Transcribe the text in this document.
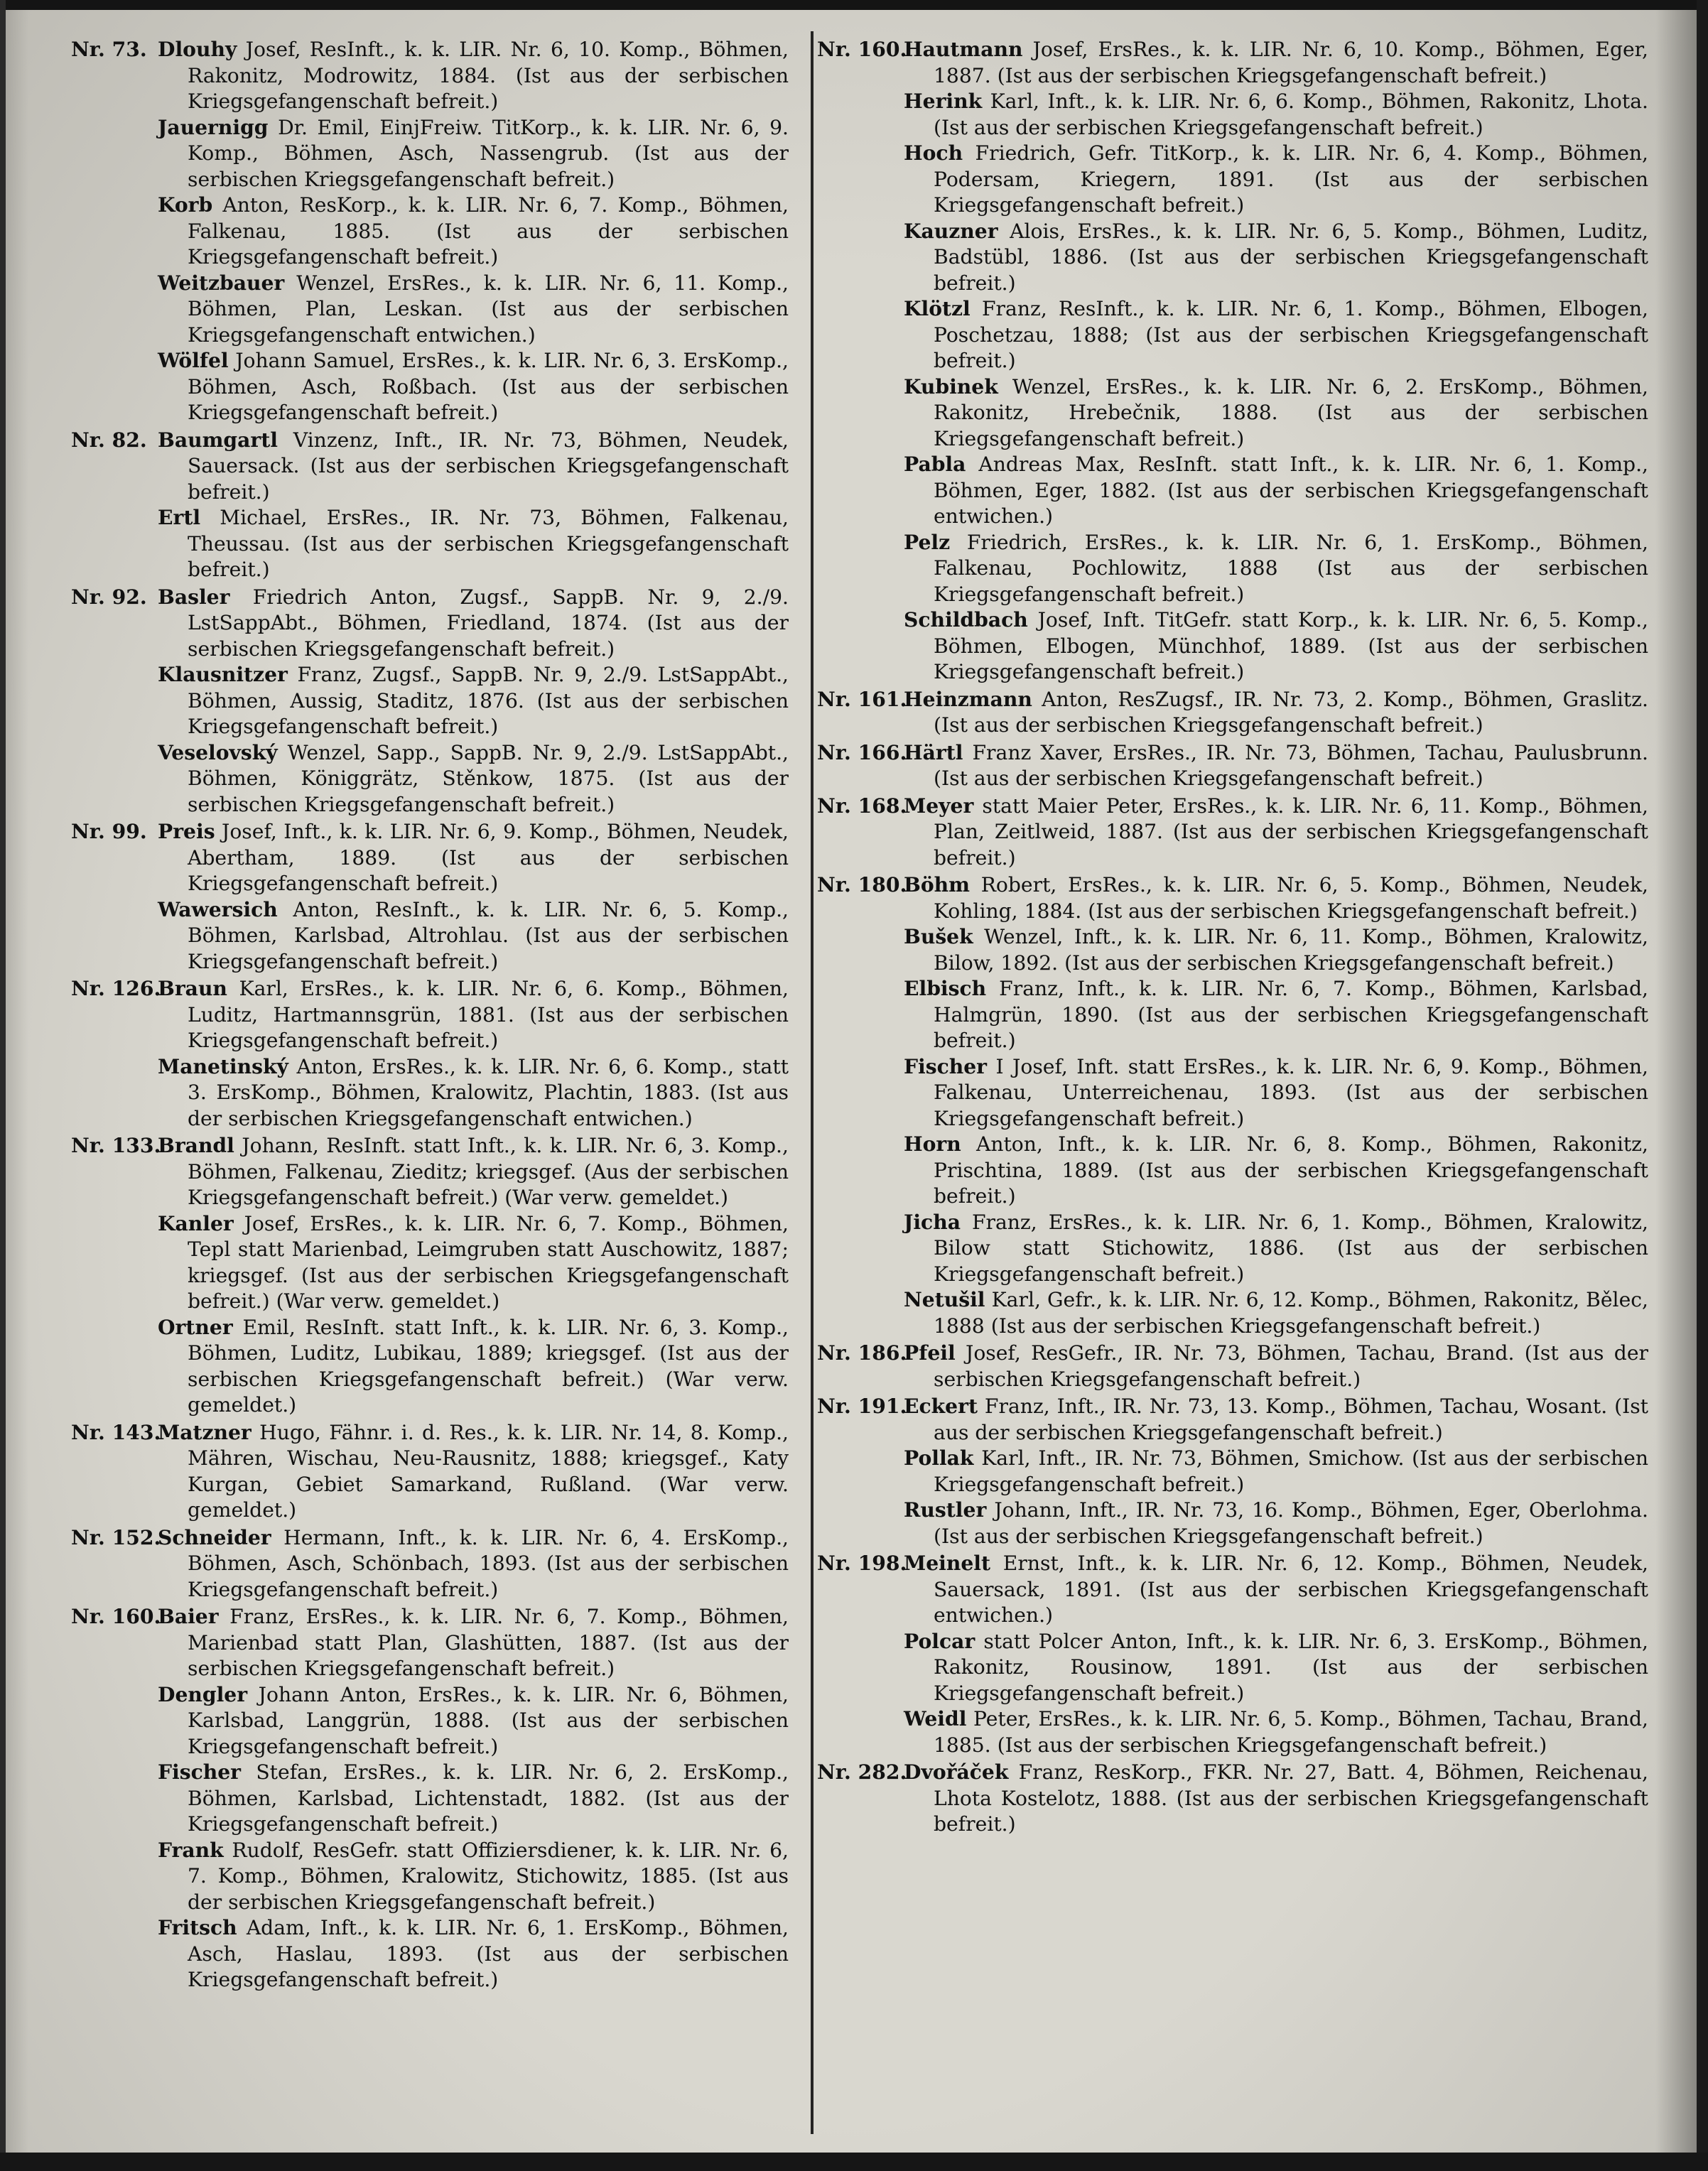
Nr. 73. Dlouhy Josef, ResInft., k. k. LIR. Nr. 6, 10. Komp., Böhmen, Rakonitz, Modrowitz, 1884. (Ist aus der serbischen Kriegsgefangenschaft befreit.)

Jauernigg Dr. Emil, EinjFreiw. TitKorp., k. k. LIR. Nr. 6, 9. Komp., Böhmen, Asch, Nassengrub. (Ist aus der serbischen Kriegsgefangenschaft befreit.)

Korb Anton, ResKorp., k. k. LIR. Nr. 6, 7. Komp., Böhmen, Falkenau, 1885. (Ist aus der serbischen Kriegsgefangenschaft befreit.)

Weitzbauer Wenzel, ErsRes., k. k. LIR. Nr. 6, 11. Komp., Böhmen, Plan, Leskan. (Ist aus der serbischen Kriegsgefangenschaft entwichen.)

Wölfel Johann Samuel, ErsRes., k. k. LIR. Nr. 6, 3. ErsKomp., Böhmen, Asch, Roßbach. (Ist aus der serbischen Kriegsgefangenschaft befreit.)

Nr. 82. Baumgartl Vinzenz, Inft., IR. Nr. 73, Böhmen, Neudek, Sauersack. (Ist aus der serbischen Kriegsgefangenschaft befreit.)

Ertl Michael, ErsRes., IR. Nr. 73, Böhmen, Falkenau, Theussau. (Ist aus der serbischen Kriegsgefangenschaft befreit.)

Nr. 92. Basler Friedrich Anton, Zugsf., SappB. Nr. 9, 2./9. LstSappAbt., Böhmen, Friedland, 1874. (Ist aus der serbischen Kriegsgefangenschaft befreit.)

Klausnitzer Franz, Zugsf., SappB. Nr. 9, 2./9. LstSappAbt., Böhmen, Aussig, Staditz, 1876. (Ist aus der serbischen Kriegsgefangenschaft befreit.)

Veselovský Wenzel, Sapp., SappB. Nr. 9, 2./9. LstSappAbt., Böhmen, Königgrätz, Stěnkow, 1875. (Ist aus der serbischen Kriegsgefangenschaft befreit.)

Nr. 99. Preis Josef, Inft., k. k. LIR. Nr. 6, 9. Komp., Böhmen, Neudek, Abertham, 1889. (Ist aus der serbischen Kriegsgefangenschaft befreit.)

Wawersich Anton, ResInft., k. k. LIR. Nr. 6, 5. Komp., Böhmen, Karlsbad, Altrohlau. (Ist aus der serbischen Kriegsgefangenschaft befreit.)

Nr. 126.

Braun Karl, ErsRes., k. k. LIR. Nr. 6, 6. Komp., Böhmen, Luditz, Hartmannsgrün, 1881. (Ist aus der serbischen Kriegsgefangenschaft befreit.)

Manetinský Anton, ErsRes., k. k. LIR. Nr. 6, 6. Komp., statt 3. ErsKomp., Böhmen, Kralowitz, Plachtin, 1883. (Ist aus der serbischen Kriegsgefangenschaft entwichen.)

Nr. 133.

Brandl Johann, ResInft. statt Inft., k. k. LIR. Nr. 6, 3. Komp., Böhmen, Falkenau, Zieditz; kriegsgef. (Aus der serbischen Kriegsgefangenschaft befreit.) (War verw. gemeldet.)

Kanler Josef, ErsRes., k. k. LIR. Nr. 6, 7. Komp., Böhmen, Tepl statt Marienbad, Leimgruben statt Auschowitz, 1887; kriegsgef. (Ist aus der serbischen Kriegsgefangenschaft befreit.) (War verw. gemeldet.)

Ortner Emil, ResInft. statt Inft., k. k. LIR. Nr. 6, 3. Komp., Böhmen, Luditz, Lubikau, 1889; kriegsgef. (Ist aus der serbischen Kriegsgefangenschaft befreit.) (War verw. gemeldet.)

Nr. 143.

Matzner Hugo, Fähnr. i. d. Res., k. k. LIR. Nr. 14, 8. Komp., Mähren, Wischau, Neu-Rausnitz, 1888; kriegsgef., Katy Kurgan, Gebiet Samarkand, Rußland. (War verw. gemeldet.)

Nr. 152.

Schneider Hermann, Inft., k. k. LIR. Nr. 6, 4. ErsKomp., Böhmen, Asch, Schönbach, 1893. (Ist aus der serbischen Kriegsgefangenschaft befreit.)

Nr. 160.

Baier Franz, ErsRes., k. k. LIR. Nr. 6, 7. Komp., Böhmen, Marienbad statt Plan, Glashütten, 1887. (Ist aus der serbischen Kriegsgefangenschaft befreit.)

Dengler Johann Anton, ErsRes., k. k. LIR. Nr. 6, Böhmen, Karlsbad, Langgrün, 1888. (Ist aus der serbischen Kriegsgefangenschaft befreit.)

Fischer Stefan, ErsRes., k. k. LIR. Nr. 6, 2. ErsKomp., Böhmen, Karlsbad, Lichtenstadt, 1882. (Ist aus der Kriegsgefangenschaft befreit.)

Frank Rudolf, ResGefr. statt Offiziersdiener, k. k. LIR. Nr. 6, 7. Komp., Böhmen, Kralowitz, Stichowitz, 1885. (Ist aus der serbischen Kriegsgefangenschaft befreit.)

Fritsch Adam, Inft., k. k. LIR. Nr. 6, 1. ErsKomp., Böhmen, Asch, Haslau, 1893. (Ist aus der serbischen Kriegsgefangenschaft befreit.)

Nr. 160.

Hautmann Josef, ErsRes., k. k. LIR. Nr. 6, 10. Komp., Böhmen, Eger, 1887. (Ist aus der serbischen Kriegsgefangenschaft befreit.)

Herink Karl, Inft., k. k. LIR. Nr. 6, 6. Komp., Böhmen, Rakonitz, Lhota. (Ist aus der serbischen Kriegsgefangenschaft befreit.)

Hoch Friedrich, Gefr. TitKorp., k. k. LIR. Nr. 6, 4. Komp., Böhmen, Podersam, Kriegern, 1891. (Ist aus der serbischen Kriegsgefangenschaft befreit.)

Kauzner Alois, ErsRes., k. k. LIR. Nr. 6, 5. Komp., Böhmen, Luditz, Badstübl, 1886. (Ist aus der serbischen Kriegsgefangenschaft befreit.)

Klötzl Franz, ResInft., k. k. LIR. Nr. 6, 1. Komp., Böhmen, Elbogen, Poschetzau, 1888; (Ist aus der serbischen Kriegsgefangenschaft befreit.)

Kubinek Wenzel, ErsRes., k. k. LIR. Nr. 6, 2. ErsKomp., Böhmen, Rakonitz, Hrebečnik, 1888. (Ist aus der serbischen Kriegsgefangenschaft befreit.)

Pabla Andreas Max, ResInft. statt Inft., k. k. LIR. Nr. 6, 1. Komp., Böhmen, Eger, 1882. (Ist aus der serbischen Kriegsgefangenschaft entwichen.)

Pelz Friedrich, ErsRes., k. k. LIR. Nr. 6, 1. ErsKomp., Böhmen, Falkenau, Pochlowitz, 1888 (Ist aus der serbischen Kriegsgefangenschaft befreit.)

Schildbach Josef, Inft. TitGefr. statt Korp., k. k. LIR. Nr. 6, 5. Komp., Böhmen, Elbogen, Münchhof, 1889. (Ist aus der serbischen Kriegsgefangenschaft befreit.)

Nr. 161.

Heinzmann Anton, ResZugsf., IR. Nr. 73, 2. Komp., Böhmen, Graslitz. (Ist aus der serbischen Kriegsgefangenschaft befreit.)

Nr. 166.

Härtl Franz Xaver, ErsRes., IR. Nr. 73, Böhmen, Tachau, Paulusbrunn. (Ist aus der serbischen Kriegsgefangenschaft befreit.)

Nr. 168.

Meyer statt Maier Peter, ErsRes., k. k. LIR. Nr. 6, 11. Komp., Böhmen, Plan, Zeitlweid, 1887. (Ist aus der serbischen Kriegsgefangenschaft befreit.)

Nr. 180.

Böhm Robert, ErsRes., k. k. LIR. Nr. 6, 5. Komp., Böhmen, Neudek, Kohling, 1884. (Ist aus der serbischen Kriegsgefangenschaft befreit.)

Bušek Wenzel, Inft., k. k. LIR. Nr. 6, 11. Komp., Böhmen, Kralowitz, Bilow, 1892. (Ist aus der serbischen Kriegsgefangenschaft befreit.)

Elbisch Franz, Inft., k. k. LIR. Nr. 6, 7. Komp., Böhmen, Karlsbad, Halmgrün, 1890. (Ist aus der serbischen Kriegsgefangenschaft befreit.)

Fischer I Josef, Inft. statt ErsRes., k. k. LIR. Nr. 6, 9. Komp., Böhmen, Falkenau, Unterreichenau, 1893. (Ist aus der serbischen Kriegsgefangenschaft befreit.)

Horn Anton, Inft., k. k. LIR. Nr. 6, 8. Komp., Böhmen, Rakonitz, Prischtina, 1889. (Ist aus der serbischen Kriegsgefangenschaft befreit.)

Jicha Franz, ErsRes., k. k. LIR. Nr. 6, 1. Komp., Böhmen, Kralowitz, Bilow statt Stichowitz, 1886. (Ist aus der serbischen Kriegsgefangenschaft befreit.)

Netušil Karl, Gefr., k. k. LIR. Nr. 6, 12. Komp., Böhmen, Rakonitz, Bělec, 1888 (Ist aus der serbischen Kriegsgefangenschaft befreit.)

Nr. 186.

Pfeil Josef, ResGefr., IR. Nr. 73, Böhmen, Tachau, Brand. (Ist aus der serbischen Kriegsgefangenschaft befreit.)

Nr. 191.

Eckert Franz, Inft., IR. Nr. 73, 13. Komp., Böhmen, Tachau, Wosant. (Ist aus der serbischen Kriegsgefangenschaft befreit.)

Pollak Karl, Inft., IR. Nr. 73, Böhmen, Smichow. (Ist aus der serbischen Kriegsgefangenschaft befreit.)

Rustler Johann, Inft., IR. Nr. 73, 16. Komp., Böhmen, Eger, Oberlohma. (Ist aus der serbischen Kriegsgefangenschaft befreit.)

Nr. 198.

Meinelt Ernst, Inft., k. k. LIR. Nr. 6, 12. Komp., Böhmen, Neudek, Sauersack, 1891. (Ist aus der serbischen Kriegsgefangenschaft entwichen.)

Polcar statt Polcer Anton, Inft., k. k. LIR. Nr. 6, 3. ErsKomp., Böhmen, Rakonitz, Rousinow, 1891. (Ist aus der serbischen Kriegsgefangenschaft befreit.)

Weidl Peter, ErsRes., k. k. LIR. Nr. 6, 5. Komp., Böhmen, Tachau, Brand, 1885. (Ist aus der serbischen Kriegsgefangenschaft befreit.)

Nr. 282.

Dvořáček Franz, ResKorp., FKR. Nr. 27, Batt. 4, Böhmen, Reichenau, Lhota Kostelotz, 1888. (Ist aus der serbischen Kriegsgefangenschaft befreit.)
